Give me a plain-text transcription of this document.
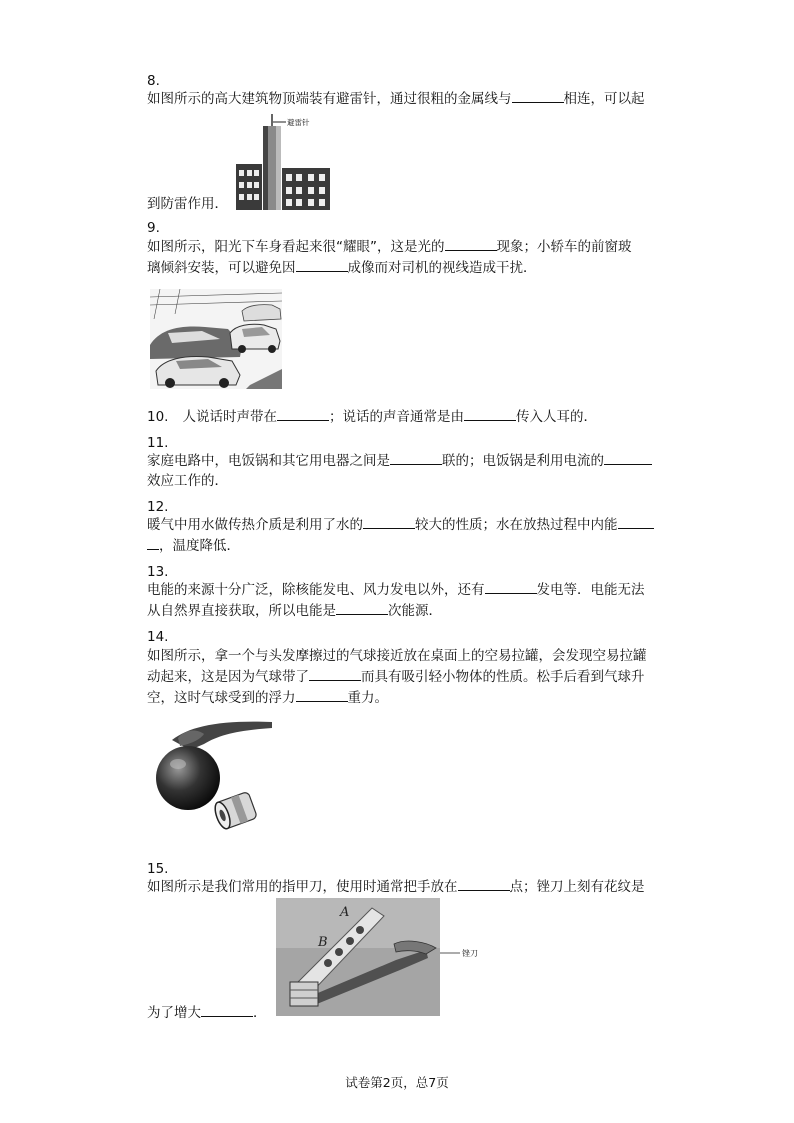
8.
如图所示的高大建筑物顶端装有避雷针，通过很粗的金属线与	相连，可以起
避雷针
到防雷作用．
9.
如图所示，阳光下车身看起来很“耀眼”，这是光的	现象；小轿车的前窗玻
璃倾斜安装，可以避免因	成像而对司机的视线造成干扰．
10. 人说话时声带在	；说话的声音通常是由	传入人耳的．
11.
家庭电路中，电饭锅和其它用电器之间是	联的；电饭锅是利用电流的
效应工作的．
12.
暖气中用水做传热介质是利用了水的	较大的性质；水在放热过程中内能
，温度降低．
13.
电能的来源十分广泛，除核能发电、风力发电以外，还有	发电等．电能无法
从自然界直接获取，所以电能是	次能源．
14.
如图所示，拿一个与头发摩擦过的气球接近放在桌面上的空易拉罐，会发现空易拉罐
动起来，这是因为气球带了	而具有吸引轻小物体的性质。松手后看到气球升
空，这时气球受到的浮力	重力。
15.
如图所示是我们常用的指甲刀，使用时通常把手放在	点；锉刀上刻有花纹是
A
B
锉刀
为了增大	．
试卷第2页，总7页
